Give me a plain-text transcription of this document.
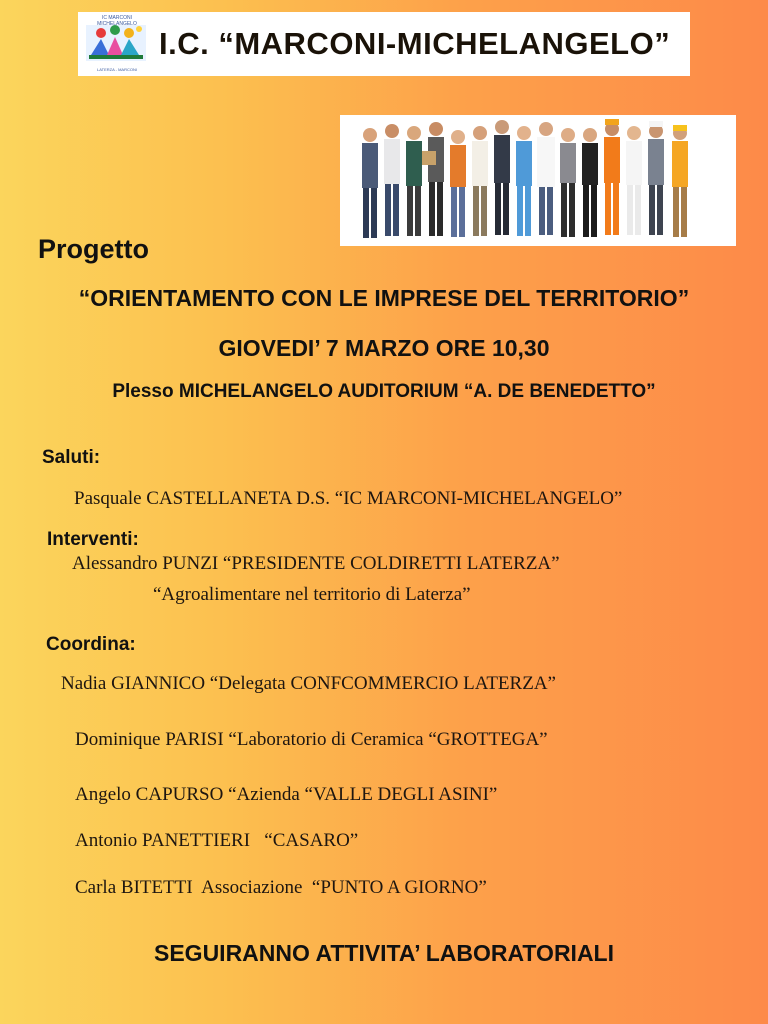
IC MARCONI MICHELANGELO
LATERZA - MARCONI
I.C. “MARCONI-MICHELANGELO”
Progetto
“ORIENTAMENTO CON LE IMPRESE DEL TERRITORIO”
GIOVEDI’ 7 MARZO ORE 10,30
Plesso MICHELANGELO AUDITORIUM “A. DE BENEDETTO”
Saluti:
Pasquale CASTELLANETA D.S. “IC MARCONI-MICHELANGELO”
Interventi:
Alessandro PUNZI “PRESIDENTE COLDIRETTI LATERZA”
“Agroalimentare nel territorio di Laterza”
Coordina:
Nadia GIANNICO “Delegata CONFCOMMERCIO LATERZA”
Dominique PARISI “Laboratorio di Ceramica “GROTTEGA”
Angelo CAPURSO “Azienda “VALLE DEGLI ASINI”
Antonio PANETTIERI   “CASARO”
Carla BITETTI  Associazione  “PUNTO A GIORNO”
SEGUIRANNO ATTIVITA’ LABORATORIALI
